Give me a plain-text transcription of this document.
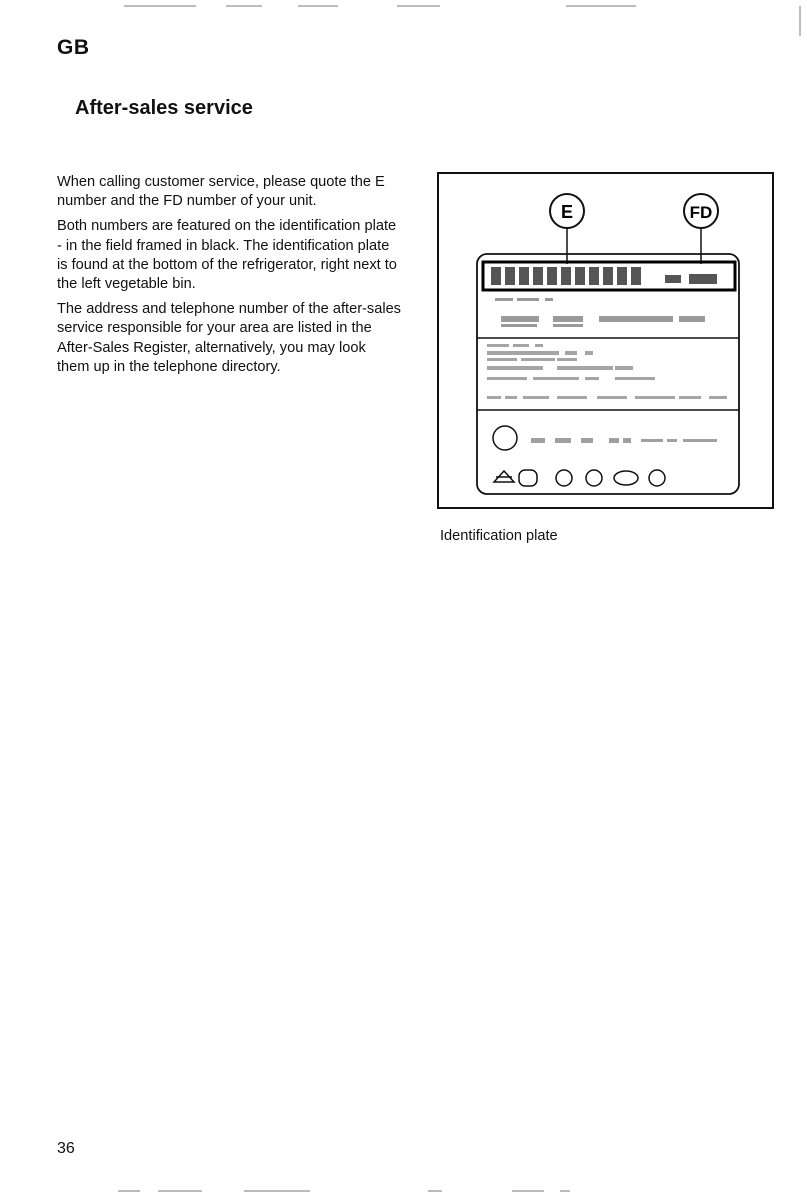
GB
After-sales service

When calling customer service, please quote the E number and the FD number of your unit.

Both numbers are featured on the identification plate - in the field framed in black. The identification plate is found at the bottom of the refrigerator, right next to the left vegetable bin.

The address and telephone number of the after-sales service responsible for your area are listed in the After-Sales Register, alternatively, you may look them up in the telephone directory.

E	FD
Identification plate
36
